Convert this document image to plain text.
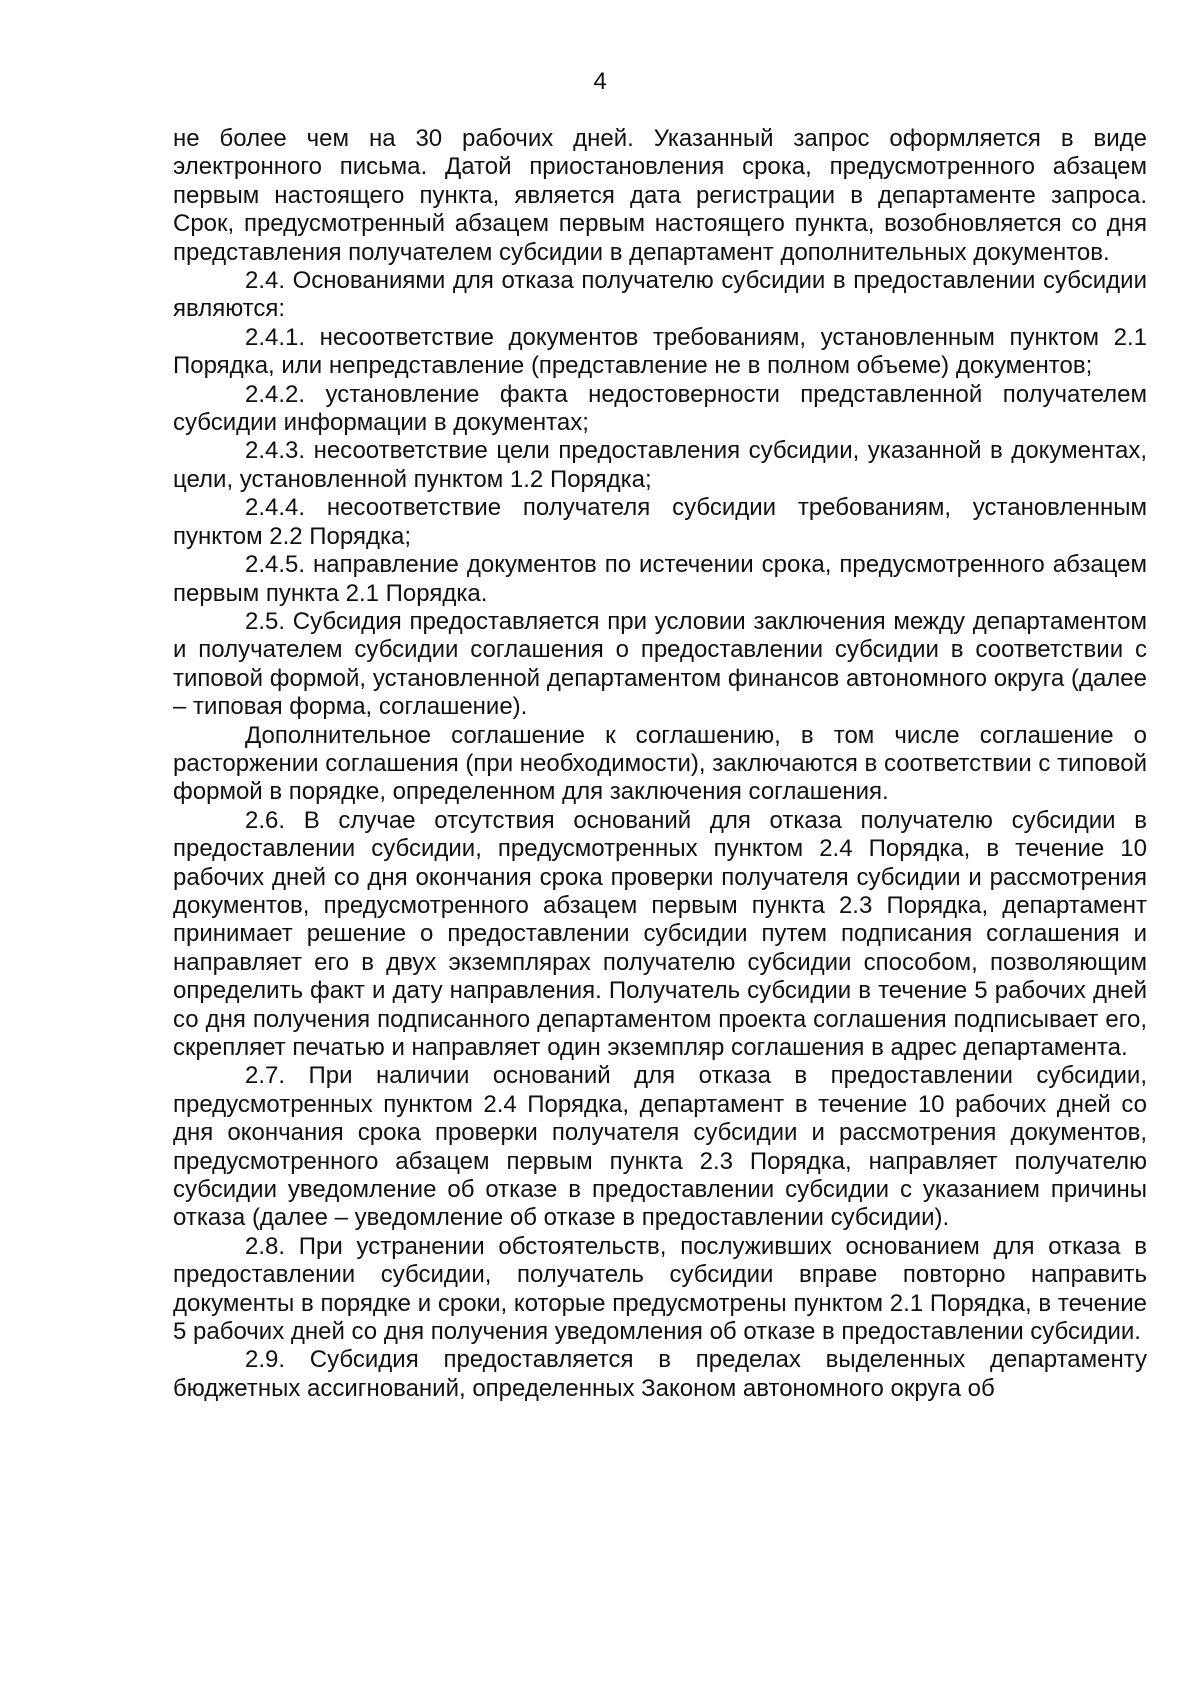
4

не более чем на 30 рабочих дней. Указанный запрос оформляется в виде электронного письма. Датой приостановления срока, предусмотренного абзацем первым настоящего пункта, является дата регистрации в департаменте запроса. Срок, предусмотренный абзацем первым настоящего пункта, возобновляется со дня представления получателем субсидии в департамент дополнительных документов.

2.4. Основаниями для отказа получателю субсидии в предоставлении субсидии являются:

2.4.1. несоответствие документов требованиям, установленным пунктом 2.1 Порядка, или непредставление (представление не в полном объеме) документов;

2.4.2. установление факта недостоверности представленной получателем субсидии информации в документах;

2.4.3. несоответствие цели предоставления субсидии, указанной в документах, цели, установленной пунктом 1.2 Порядка;

2.4.4. несоответствие получателя субсидии требованиям, установленным пунктом 2.2 Порядка;

2.4.5. направление документов по истечении срока, предусмотренного абзацем первым пункта 2.1 Порядка.

2.5. Субсидия предоставляется при условии заключения между департаментом и получателем субсидии соглашения о предоставлении субсидии в соответствии с типовой формой, установленной департаментом финансов автономного округа (далее – типовая форма, соглашение).

Дополнительное соглашение к соглашению, в том числе соглашение о расторжении соглашения (при необходимости), заключаются в соответствии с типовой формой в порядке, определенном для заключения соглашения.

2.6. В случае отсутствия оснований для отказа получателю субсидии в предоставлении субсидии, предусмотренных пунктом 2.4 Порядка, в течение 10 рабочих дней со дня окончания срока проверки получателя субсидии и рассмотрения документов, предусмотренного абзацем первым пункта 2.3 Порядка, департамент принимает решение о предоставлении субсидии путем подписания соглашения и направляет его в двух экземплярах получателю субсидии способом, позволяющим определить факт и дату направления. Получатель субсидии в течение 5 рабочих дней со дня получения подписанного департаментом проекта соглашения подписывает его, скрепляет печатью и направляет один экземпляр соглашения в адрес департамента.

2.7. При наличии оснований для отказа в предоставлении субсидии, предусмотренных пунктом 2.4 Порядка, департамент в течение 10 рабочих дней со дня окончания срока проверки получателя субсидии и рассмотрения документов, предусмотренного абзацем первым пункта 2.3 Порядка, направляет получателю субсидии уведомление об отказе в предоставлении субсидии с указанием причины отказа (далее – уведомление об отказе в предоставлении субсидии).

2.8. При устранении обстоятельств, послуживших основанием для отказа в предоставлении субсидии, получатель субсидии вправе повторно направить документы в порядке и сроки, которые предусмотрены пунктом 2.1 Порядка, в течение 5 рабочих дней со дня получения уведомления об отказе в предоставлении субсидии.

2.9. Субсидия предоставляется в пределах выделенных департаменту бюджетных ассигнований, определенных Законом автономного округа об
